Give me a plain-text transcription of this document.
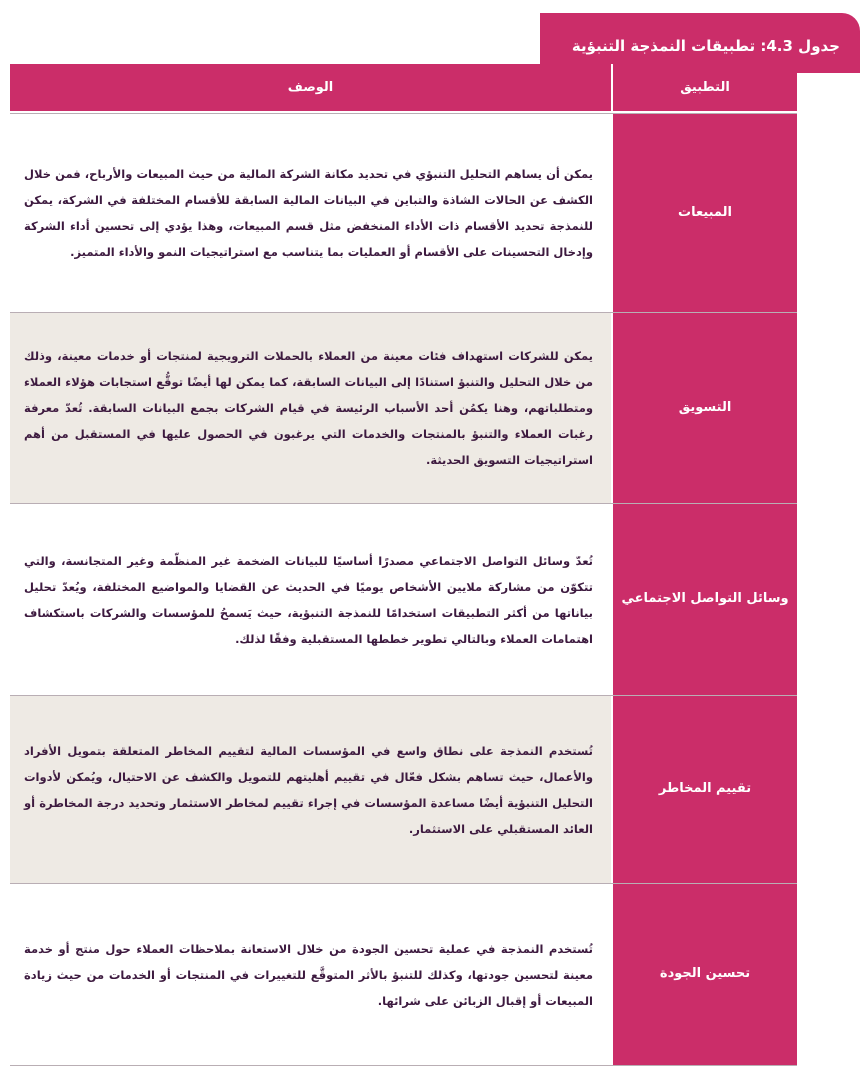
جدول 4.3: تطبيقات النمذجة التنبؤية
التطبيق
الوصف
المبيعات

يمكن أن يساهم التحليل التنبؤي في تحديد مكانة الشركة المالية من حيث المبيعات والأرباح، فمن خلال الكشف عن الحالات الشاذة والتباين في البيانات المالية السابقة للأقسام المختلفة في الشركة، يمكن للنمذجة تحديد الأقسام ذات الأداء المنخفض مثل قسم المبيعات، وهذا يؤدي إلى تحسين أداء الشركة وإدخال التحسينات على الأقسام أو العمليات بما يتناسب مع استراتيجيات النمو والأداء المتميز.

التسويق

يمكن للشركات استهداف فئات معينة من العملاء بالحملات الترويجية لمنتجات أو خدمات معينة، وذلك من خلال التحليل والتنبؤ استنادًا إلى البيانات السابقة، كما يمكن لها أيضًا توقُّع استجابات هؤلاء العملاء ومتطلباتهم، وهنا يكمُن أحد الأسباب الرئيسة في قيام الشركات بجمع البيانات السابقة. تُعدّ معرفة رغبات العملاء والتنبؤ بالمنتجات والخدمات التي يرغبون في الحصول عليها في المستقبل من أهم استراتيجيات التسويق الحديثة.

وسائل التواصل الاجتماعي

تُعدّ وسائل التواصل الاجتماعي مصدرًا أساسيًا للبيانات الضخمة غير المنظّمة وغير المتجانسة، والتي تتكوّن من مشاركة ملايين الأشخاص يوميًا في الحديث عن القضايا والمواضيع المختلفة، ويُعدّ تحليل بياناتها من أكثر التطبيقات استخدامًا للنمذجة التنبؤية، حيث يَسمحُ للمؤسسات والشركات باستكشاف اهتمامات العملاء وبالتالي تطوير خططها المستقبلية وفقًا لذلك.

تقييم المخاطر

تُستخدم النمذجة على نطاق واسع في المؤسسات المالية لتقييم المخاطر المتعلقة بتمويل الأفراد والأعمال، حيث تساهم بشكل فعّال في تقييم أهليتهم للتمويل والكشف عن الاحتيال، ويُمكن لأدوات التحليل التنبؤية أيضًا مساعدة المؤسسات في إجراء تقييم لمخاطر الاستثمار وتحديد درجة المخاطرة أو العائد المستقبلي على الاستثمار.

تحسين الجودة

تُستخدم النمذجة في عملية تحسين الجودة من خلال الاستعانة بملاحظات العملاء حول منتج أو خدمة معينة لتحسين جودتها، وكذلك للتنبؤ بالأثر المتوقَّع للتغييرات في المنتجات أو الخدمات من حيث زيادة المبيعات أو إقبال الزبائن على شرائها.
